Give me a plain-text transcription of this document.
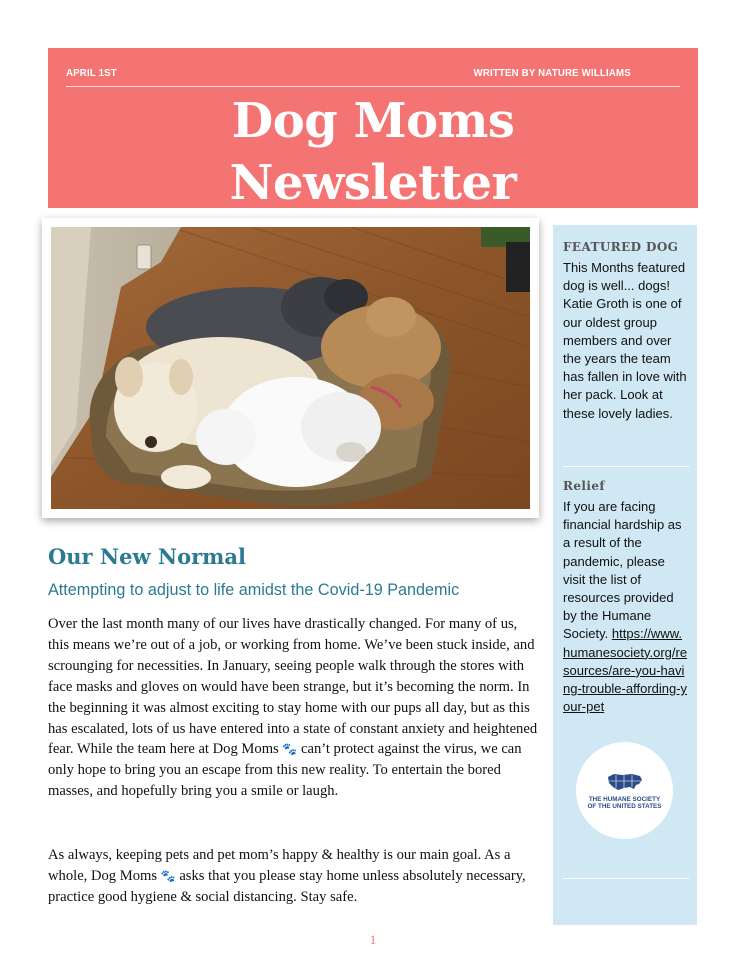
APRIL 1ST	WRITTEN BY NATURE WILLIAMS
Dog Moms
Newsletter
FEATURED DOG
This Months featured dog is well... dogs! Katie Groth is one of our oldest group members and over the years the team has fallen in love with her pack. Look at these lovely ladies.
Relief
If you are facing financial hardship as a result of the pandemic, please visit the list of resources provided by the Humane Society. https://www.humanesociety.org/resources/are-you-having-trouble-affording-your-pet
THE HUMANE SOCIETY
OF THE UNITED STATES
Our New Normal
Attempting to adjust to life amidst the Covid-19 Pandemic
Over the last month many of our lives have drastically changed. For many of us, this means we’re out of a job, or working from home. We’ve been stuck inside, and scrounging for necessities. In January, seeing people walk through the stores with face masks and gloves on would have been strange, but it’s becoming the norm. In the beginning it was almost exciting to stay home with our pups all day, but as this has escalated, lots of us have entered into a state of constant anxiety and heightened fear. While the team here at Dog Moms 🐾 can’t protect against the virus, we can only hope to bring you an escape from this new reality. To entertain the bored masses, and hopefully bring you a smile or laugh.
As always, keeping pets and pet mom’s happy & healthy is our main goal. As a whole, Dog Moms 🐾 asks that you please stay home unless absolutely necessary, practice good hygiene & social distancing. Stay safe.
1
